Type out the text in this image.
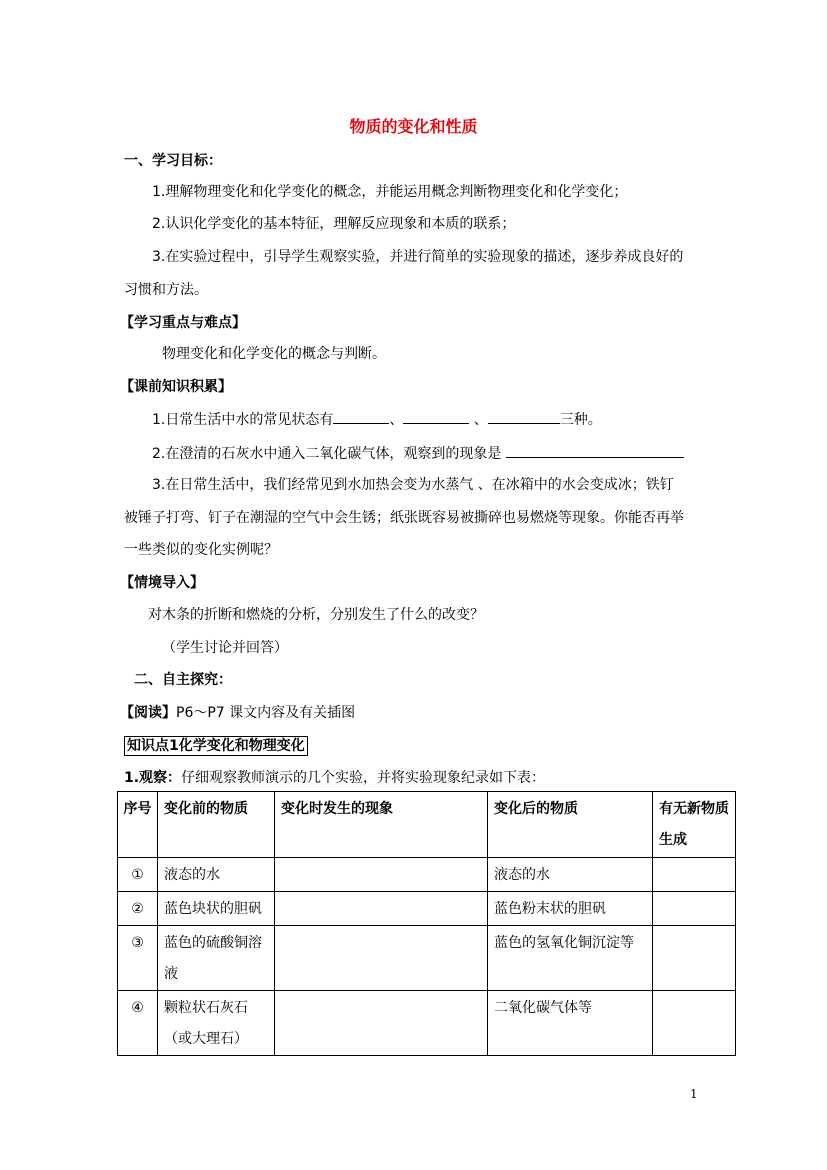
物质的变化和性质
一、学习目标：
1.理解物理变化和化学变化的概念，并能运用概念判断物理变化和化学变化；
2.认识化学变化的基本特征，理解反应现象和本质的联系；
3.在实验过程中，引导学生观察实验，并进行简单的实验现象的描述，逐步养成良好的
习惯和方法。
【学习重点与难点】
物理变化和化学变化的概念与判断。
【课前知识积累】
1.日常生活中水的常见状态有	、	、	三种。
2.在澄清的石灰水中通入二氧化碳气体，观察到的现象是
3.在日常生活中，我们经常见到水加热会变为水蒸气 、在冰箱中的水会变成冰；铁钉
被锤子打弯、钉子在潮湿的空气中会生锈；纸张既容易被撕碎也易燃烧等现象。你能否再举
一些类似的变化实例呢？
【情境导入】
对木条的折断和燃烧的分析，分别发生了什么的改变？
（学生讨论并回答）
二、自主探究：
【阅读】P6～P7 课文内容及有关插图
知识点1化学变化和物理变化
1.观察：仔细观察教师演示的几个实验，并将实验现象纪录如下表：
序号	变化前的物质	变化时发生的现象	变化后的物质	有无新物质生成
①	液态的水		液态的水	
②	蓝色块状的胆矾		蓝色粉末状的胆矾	
③	蓝色的硫酸铜溶液		蓝色的氢氧化铜沉淀等	
④	颗粒状石灰石（或大理石）		二氧化碳气体等	
1
